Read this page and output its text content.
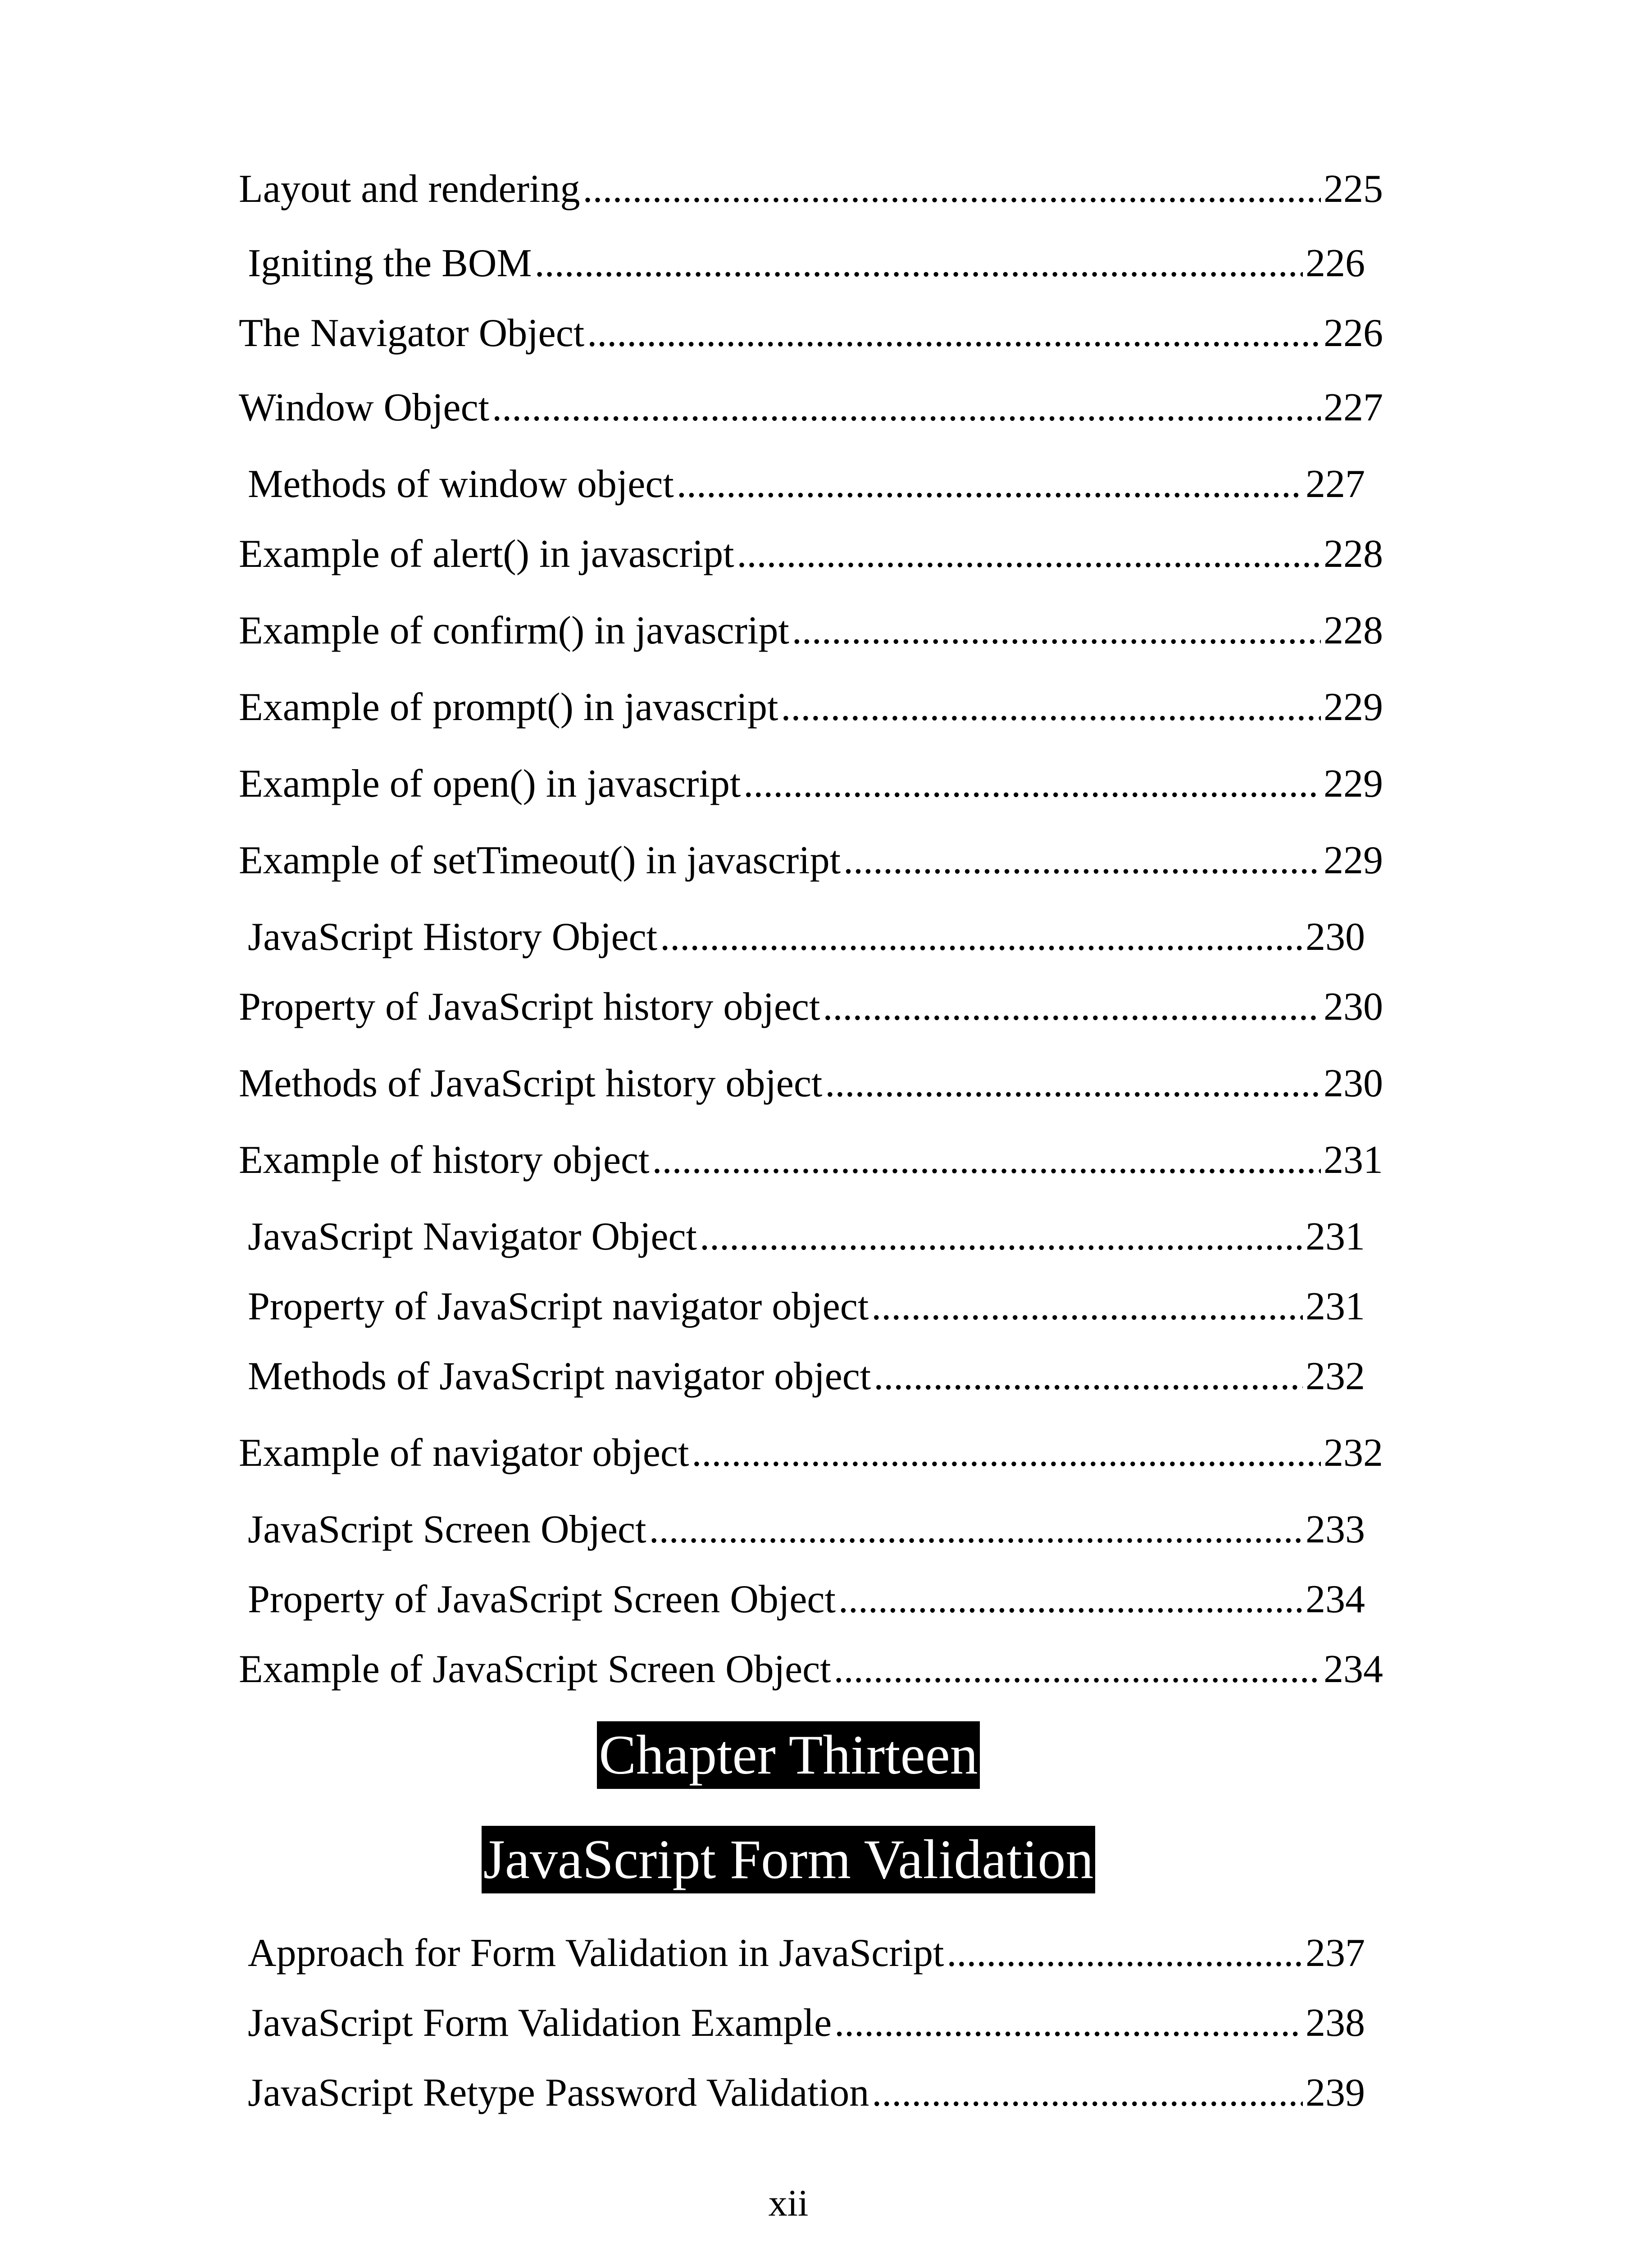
Layout and rendering .....	225
Igniting the BOM .....	226
The Navigator Object .....	226
Window Object .....	227
Methods of window object .....	227
Example of alert() in javascript .....	228
Example of confirm() in javascript .....	228
Example of prompt() in javascript .....	229
Example of open() in javascript .....	229
Example of setTimeout() in javascript .....	229
JavaScript History Object .....	230
Property of JavaScript history object .....	230
Methods of JavaScript history object .....	230
Example of history object .....	231
JavaScript Navigator Object .....	231
Property of JavaScript navigator object .....	231
Methods of JavaScript navigator object .....	232
Example of navigator object .....	232
JavaScript Screen Object .....	233
Property of JavaScript Screen Object .....	234
Example of JavaScript Screen Object .....	234
Approach for Form Validation in JavaScript .....	237
JavaScript Form Validation Example .....	238
JavaScript Retype Password Validation .....	239
Chapter Thirteen
JavaScript Form Validation
xii
